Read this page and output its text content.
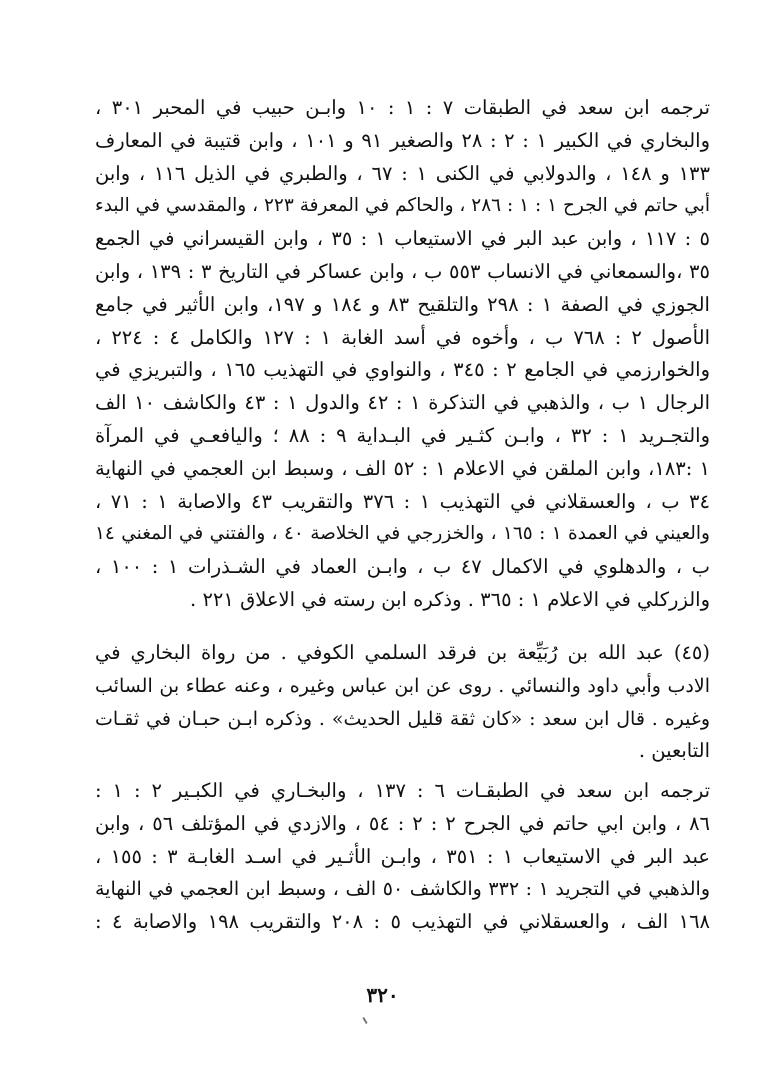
ترجمه ابن سعد في الطبقات ٧ : ١ : ١٠ وابـن حبيب في المحبر ٣٠١ ،
والبخاري في الكبير ١ : ٢ : ٢٨ والصغير ٩١ و ١٠١ ، وابن قتيبة في المعارف
١٣٣ و ١٤٨ ، والدولابي في الكنى ١ : ٦٧ ، والطبري في الذيل ١١٦ ، وابن
أبي حاتم في الجرح ١ : ١ : ٢٨٦ ، والحاكم في المعرفة ٢٢٣ ، والمقدسي في البدء
٥ : ١١٧ ، وابن عبد البر في الاستيعاب ١ : ٣٥ ، وابن القيسراني في الجمع
٣٥ ،والسمعاني في الانساب ٥٥٣ ب ، وابن عساكر في التاريخ ٣ : ١٣٩ ، وابن
الجوزي في الصفة ١ : ٢٩٨ والتلقيح ٨٣ و ١٨٤ و ١٩٧، وابن الأثير في جامع
الأصول ٢ : ٧٦٨ ب ، وأخوه في أسد الغابة ١ : ١٢٧ والكامل ٤ : ٢٢٤ ،
والخوارزمي في الجامع ٢ : ٣٤٥ ، والنواوي في التهذيب ١٦٥ ، والتبريزي في
الرجال ١ ب ، والذهبي في التذكرة ١ : ٤٢ والدول ١ : ٤٣ والكاشف ١٠ الف
والتجـريد ١ : ٣٢ ، وابـن كثـير في البـداية ٩ : ٨٨ ؛ واليافعـي في المرآة
١ :١٨٣، وابن الملقن في الاعلام ١ : ٥٢ الف ، وسبط ابن العجمي في النهاية
٣٤ ب ، والعسقلاني في التهذيب ١ : ٣٧٦ والتقريب ٤٣ والاصابة ١ : ٧١ ،
والعيني في العمدة ١ : ١٦٥ ، والخزرجي في الخلاصة ٤٠ ، والفتني في المغني ١٤
ب ، والدهلوي في الاكمال ٤٧ ب ، وابـن العماد في الشـذرات ١ : ١٠٠ ،
والزركلي في الاعلام ١ : ٣٦٥ . وذكره ابن رسته في الاعلاق ٢٢١ .
(٤٥) عبد الله بن رُبَيِّعة بن فرقد السلمي الكوفي . من رواة البخاري في
الادب وأبي داود والنسائي . روى عن ابن عباس وغيره ، وعنه عطاء بن السائب
وغيره . قال ابن سعد : «كان ثقة قليل الحديث» . وذكره ابـن حبـان في ثقـات
التابعين .
ترجمه ابن سعد في الطبقـات ٦ : ١٣٧ ، والبخـاري في الكبـير ٢ : ١ :
٨٦ ، وابن ابي حاتم في الجرح ٢ : ٢ : ٥٤ ، والازدي في المؤتلف ٥٦ ، وابن
عبد البر في الاستيعاب ١ : ٣٥١ ، وابـن الأثـير في اسـد الغابـة ٣ : ١٥٥ ،
والذهبي في التجريد ١ : ٣٣٢ والكاشف ٥٠ الف ، وسبط ابن العجمي في النهاية
١٦٨ الف ، والعسقلاني في التهذيب ٥ : ٢٠٨ والتقريب ١٩٨ والاصابة ٤ :
٣٢٠
